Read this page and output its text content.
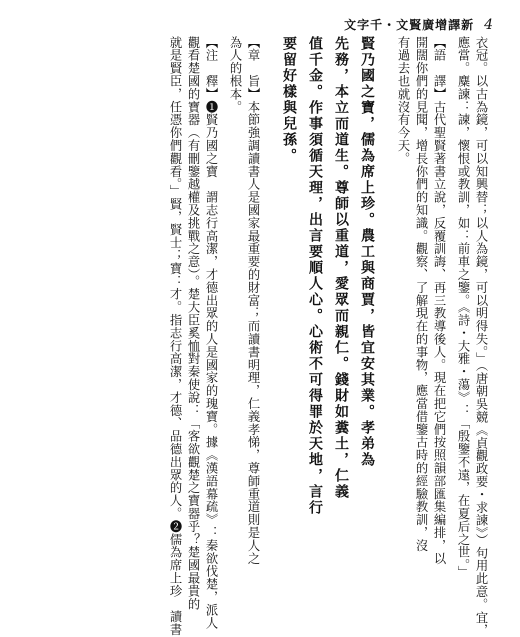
文字千・文賢廣增譯新 4
衣冠。以古為鏡，可以知興替；以人為鏡，可以明得失。」（唐朝吳競《貞觀政要・求諫》）句用此意。宜，
應當。麋諫：諫，懷恨或教訓，如：前車之鑒。《詩・大雅・蕩》：「殷鑒不遠，在夏后之世。」
【語　譯】古代聖賢著書立說，反覆訓誨、再三教導後人。現在把它們按照韻部匯集編排，以
開闊你們的見聞，增長你們的知識。觀察、了解現在的事物，應當借鑒古時的經驗教訓，沒
有過去也就沒有今天。
賢乃國之寶，儒為席上珍。農工與商賈，皆宜安其業。孝弟為
先務，本立而道生。尊師以重道，愛眾而親仁。錢財如糞土，仁義
值千金。作事須循天理，出言要順人心。心術不可得罪於天地，言行
要留好樣與兒孫。
【章　旨】本節強調讀書人是國家最重要的財富；而讀書明理，仁義孝悌，尊師重道則是人之
為人的根本。
【注　釋】❶賢乃國之寶　謂志行高潔，才德出眾的人是國家的瑰寶。據《漢語幕疏》：秦欲伐楚，派人
觀看楚國的寶器（有刪鑒越權及挑戰之意）。楚大臣奚恤對秦使說：「客欲觀楚之寶器乎？楚國最貴的
就是賢臣，任憑你們觀看。」賢，賢士；寶：才。指志行高潔，才德、品德出眾的人。❷儒為席上珍　讀書
